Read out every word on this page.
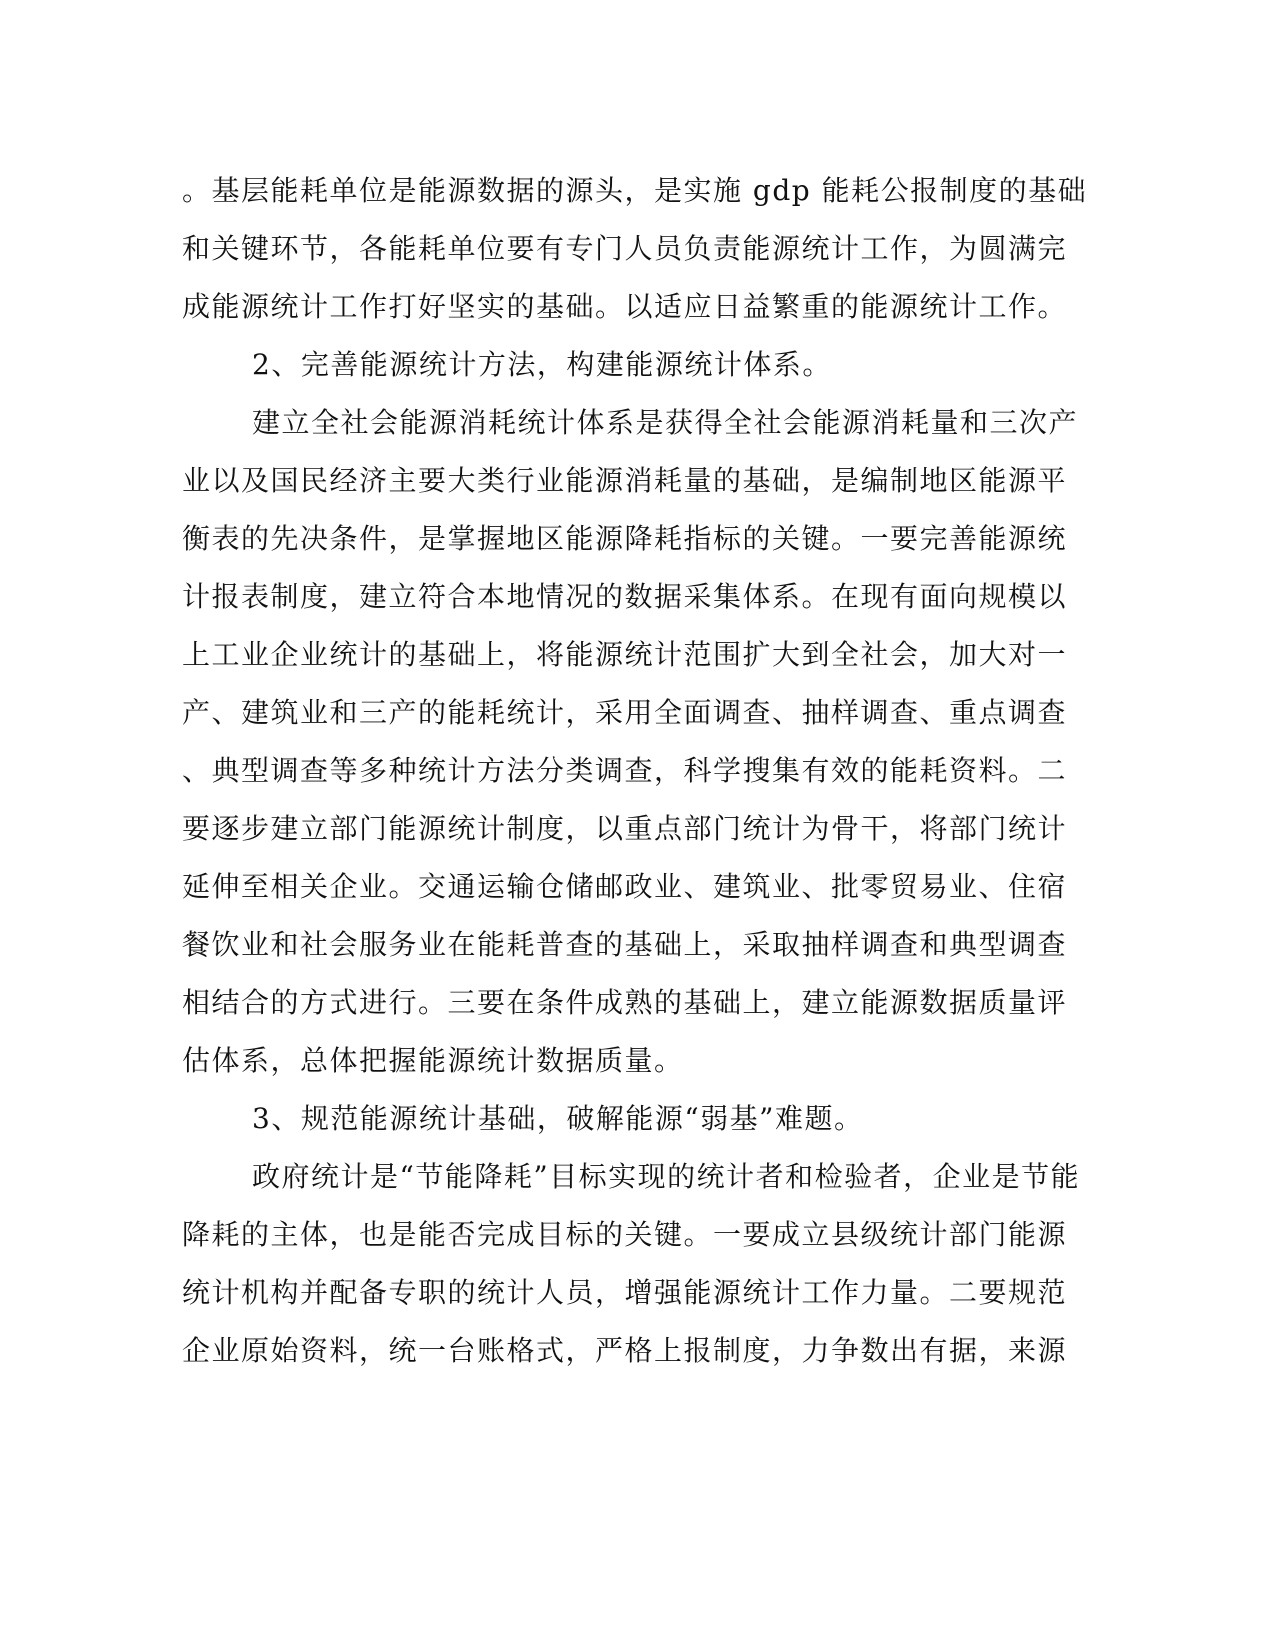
。基层能耗单位是能源数据的源头，是实施 gdp 能耗公报制度的基础
和关键环节，各能耗单位要有专门人员负责能源统计工作，为圆满完
成能源统计工作打好坚实的基础。以适应日益繁重的能源统计工作。
2、完善能源统计方法，构建能源统计体系。
建立全社会能源消耗统计体系是获得全社会能源消耗量和三次产
业以及国民经济主要大类行业能源消耗量的基础，是编制地区能源平
衡表的先决条件，是掌握地区能源降耗指标的关键。一要完善能源统
计报表制度，建立符合本地情况的数据采集体系。在现有面向规模以
上工业企业统计的基础上，将能源统计范围扩大到全社会，加大对一
产、建筑业和三产的能耗统计，采用全面调查、抽样调查、重点调查
、典型调查等多种统计方法分类调查，科学搜集有效的能耗资料。二
要逐步建立部门能源统计制度，以重点部门统计为骨干，将部门统计
延伸至相关企业。交通运输仓储邮政业、建筑业、批零贸易业、住宿
餐饮业和社会服务业在能耗普查的基础上，采取抽样调查和典型调查
相结合的方式进行。三要在条件成熟的基础上，建立能源数据质量评
估体系，总体把握能源统计数据质量。
3、规范能源统计基础，破解能源“弱基”难题。
政府统计是“节能降耗”目标实现的统计者和检验者，企业是节能
降耗的主体，也是能否完成目标的关键。一要成立县级统计部门能源
统计机构并配备专职的统计人员，增强能源统计工作力量。二要规范
企业原始资料，统一台账格式，严格上报制度，力争数出有据，来源
